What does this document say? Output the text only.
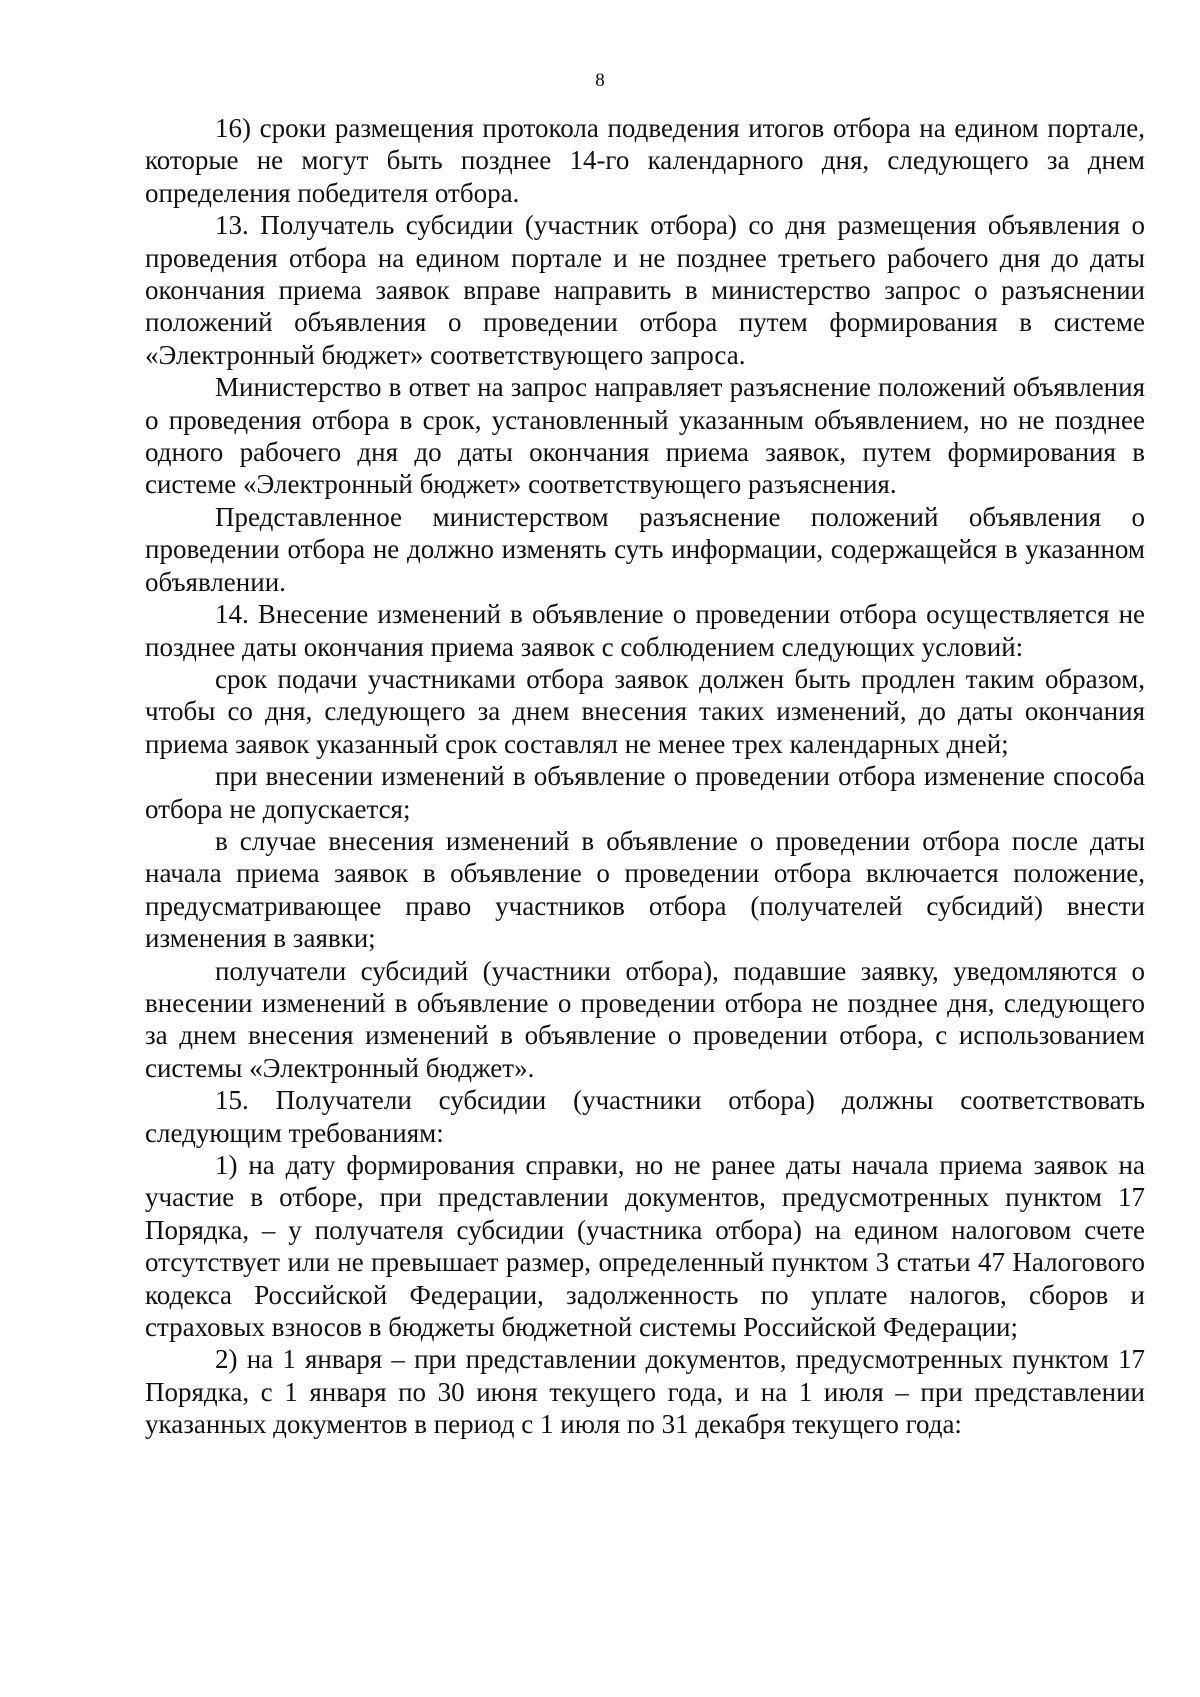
8

16) сроки размещения протокола подведения итогов отбора на едином портале, которые не могут быть позднее 14-го календарного дня, следующего за днем определения победителя отбора.

13. Получатель субсидии (участник отбора) со дня размещения объявления о проведения отбора на едином портале и не позднее третьего рабочего дня до даты окончания приема заявок вправе направить в министерство запрос о разъяснении положений объявления о проведении отбора путем формирования в системе «Электронный бюджет» соответствующего запроса.

Министерство в ответ на запрос направляет разъяснение положений объявления о проведения отбора в срок, установленный указанным объявлением, но не позднее одного рабочего дня до даты окончания приема заявок, путем формирования в системе «Электронный бюджет» соответствующего разъяснения.

Представленное министерством разъяснение положений объявления о проведении отбора не должно изменять суть информации, содержащейся в указанном объявлении.

14. Внесение изменений в объявление о проведении отбора осуществляется не позднее даты окончания приема заявок с соблюдением следующих условий:

срок подачи участниками отбора заявок должен быть продлен таким образом, чтобы со дня, следующего за днем внесения таких изменений, до даты окончания приема заявок указанный срок составлял не менее трех календарных дней;

при внесении изменений в объявление о проведении отбора изменение способа отбора не допускается;

в случае внесения изменений в объявление о проведении отбора после даты начала приема заявок в объявление о проведении отбора включается положение, предусматривающее право участников отбора (получателей субсидий) внести изменения в заявки;

получатели субсидий (участники отбора), подавшие заявку, уведомляются о внесении изменений в объявление о проведении отбора не позднее дня, следующего за днем внесения изменений в объявление о проведении отбора, с использованием системы «Электронный бюджет».

15. Получатели субсидии (участники отбора) должны соответствовать следующим требованиям:

1) на дату формирования справки, но не ранее даты начала приема заявок на участие в отборе, при представлении документов, предусмотренных пунктом 17 Порядка, – у получателя субсидии (участника отбора) на едином налоговом счете отсутствует или не превышает размер, определенный пунктом 3 статьи 47 Налогового кодекса Российской Федерации, задолженность по уплате налогов, сборов и страховых взносов в бюджеты бюджетной системы Российской Федерации;

2) на 1 января – при представлении документов, предусмотренных пунктом 17 Порядка, с 1 января по 30 июня текущего года, и на 1 июля – при представлении указанных документов в период с 1 июля по 31 декабря текущего года:
